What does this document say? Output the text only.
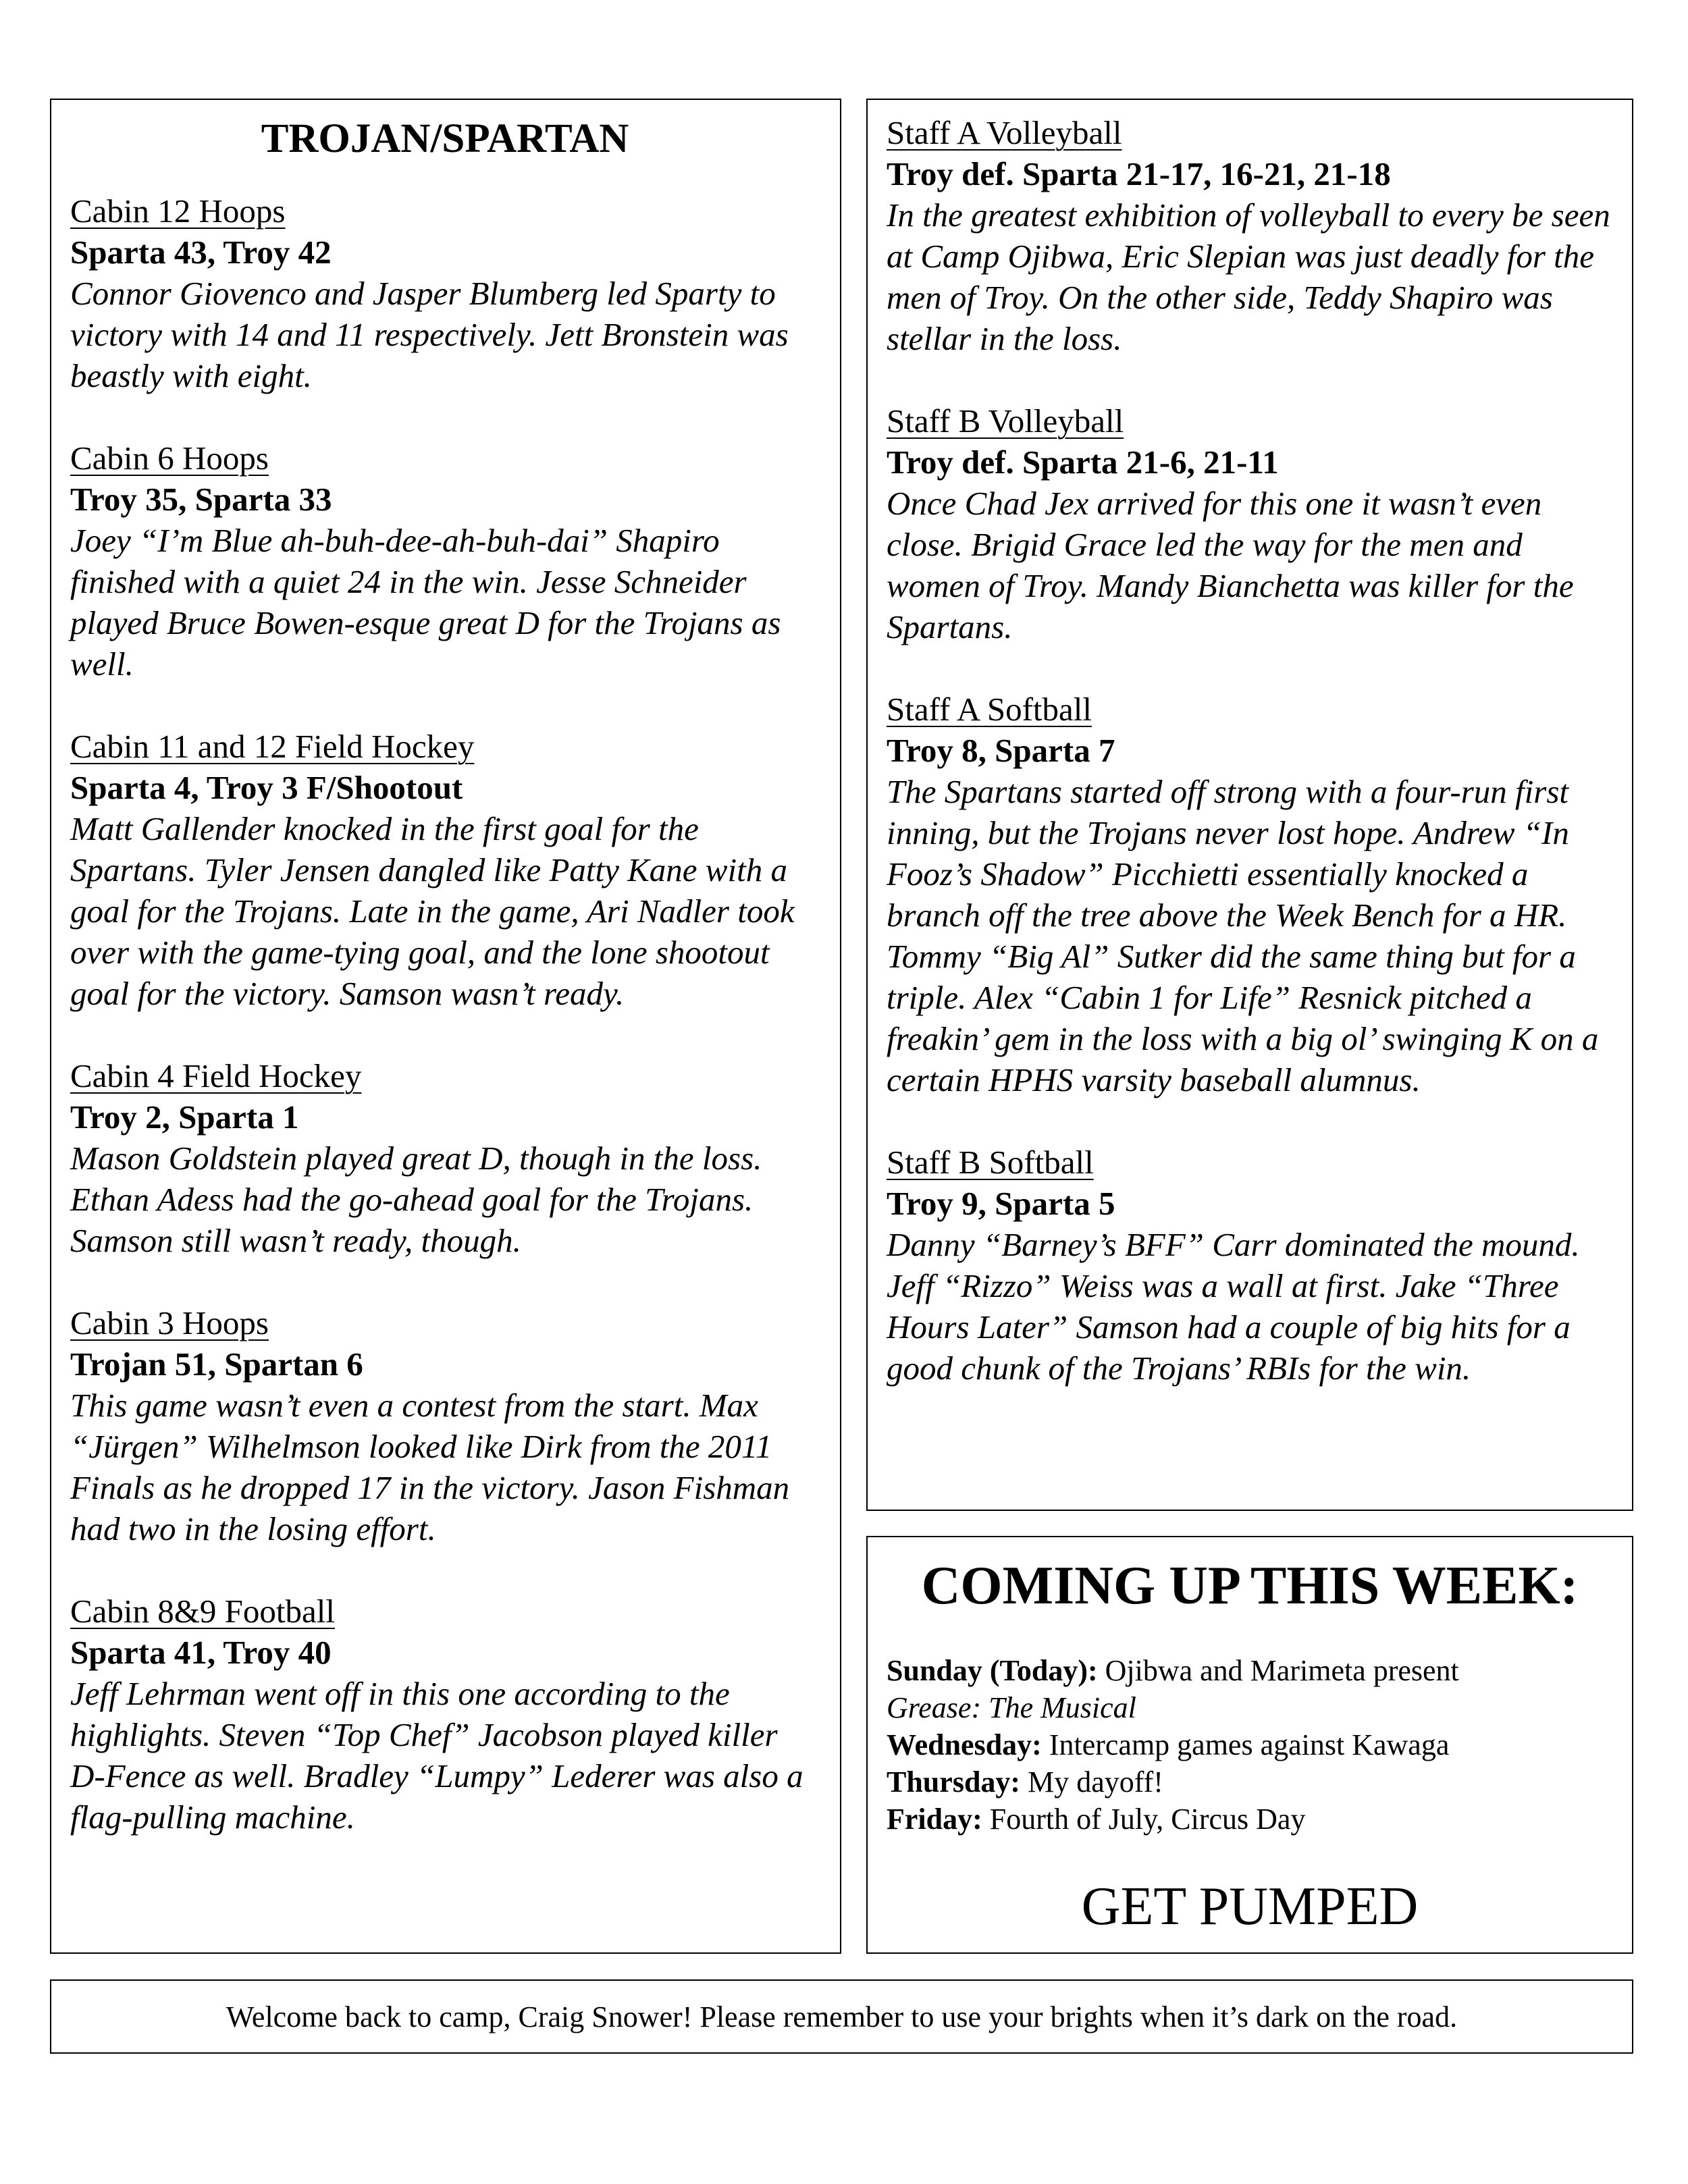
TROJAN/SPARTAN
Cabin 12 Hoops
Sparta 43, Troy 42
Connor Giovenco and Jasper Blumberg led Sparty to victory with 14 and 11 respectively. Jett Bronstein was beastly with eight.
Cabin 6 Hoops
Troy 35, Sparta 33
Joey “I’m Blue ah-buh-dee-ah-buh-dai” Shapiro finished with a quiet 24 in the win. Jesse Schneider played Bruce Bowen-esque great D for the Trojans as well.
Cabin 11 and 12 Field Hockey
Sparta 4, Troy 3 F/Shootout
Matt Gallender knocked in the first goal for the Spartans. Tyler Jensen dangled like Patty Kane with a goal for the Trojans. Late in the game, Ari Nadler took over with the game-tying goal, and the lone shootout goal for the victory. Samson wasn’t ready.
Cabin 4 Field Hockey
Troy 2, Sparta 1
Mason Goldstein played great D, though in the loss. Ethan Adess had the go-ahead goal for the Trojans. Samson still wasn’t ready, though.
Cabin 3 Hoops
Trojan 51, Spartan 6
This game wasn’t even a contest from the start. Max “Jürgen” Wilhelmson looked like Dirk from the 2011 Finals as he dropped 17 in the victory. Jason Fishman had two in the losing effort.
Cabin 8&9 Football
Sparta 41, Troy 40
Jeff Lehrman went off in this one according to the highlights. Steven “Top Chef” Jacobson played killer D-Fence as well. Bradley “Lumpy” Lederer was also a flag-pulling machine.
Staff A Volleyball
Troy def. Sparta 21-17, 16-21, 21-18
In the greatest exhibition of volleyball to every be seen at Camp Ojibwa, Eric Slepian was just deadly for the men of Troy. On the other side, Teddy Shapiro was stellar in the loss.
Staff B Volleyball
Troy def. Sparta 21-6, 21-11
Once Chad Jex arrived for this one it wasn’t even close. Brigid Grace led the way for the men and women of Troy. Mandy Bianchetta was killer for the Spartans.
Staff A Softball
Troy 8, Sparta 7
The Spartans started off strong with a four-run first inning, but the Trojans never lost hope. Andrew “In Fooz’s Shadow” Picchietti essentially knocked a branch off the tree above the Week Bench for a HR. Tommy “Big Al” Sutker did the same thing but for a triple. Alex “Cabin 1 for Life” Resnick pitched a freakin’ gem in the loss with a big ol’ swinging K on a certain HPHS varsity baseball alumnus.
Staff B Softball
Troy 9, Sparta 5
Danny “Barney’s BFF” Carr dominated the mound. Jeff “Rizzo” Weiss was a wall at first. Jake “Three Hours Later” Samson had a couple of big hits for a good chunk of the Trojans’ RBIs for the win.
COMING UP THIS WEEK:
Sunday (Today): Ojibwa and Marimeta present
Grease: The Musical
Wednesday: Intercamp games against Kawaga
Thursday: My dayoff!
Friday: Fourth of July, Circus Day
GET PUMPED
Welcome back to camp, Craig Snower! Please remember to use your brights when it’s dark on the road.
